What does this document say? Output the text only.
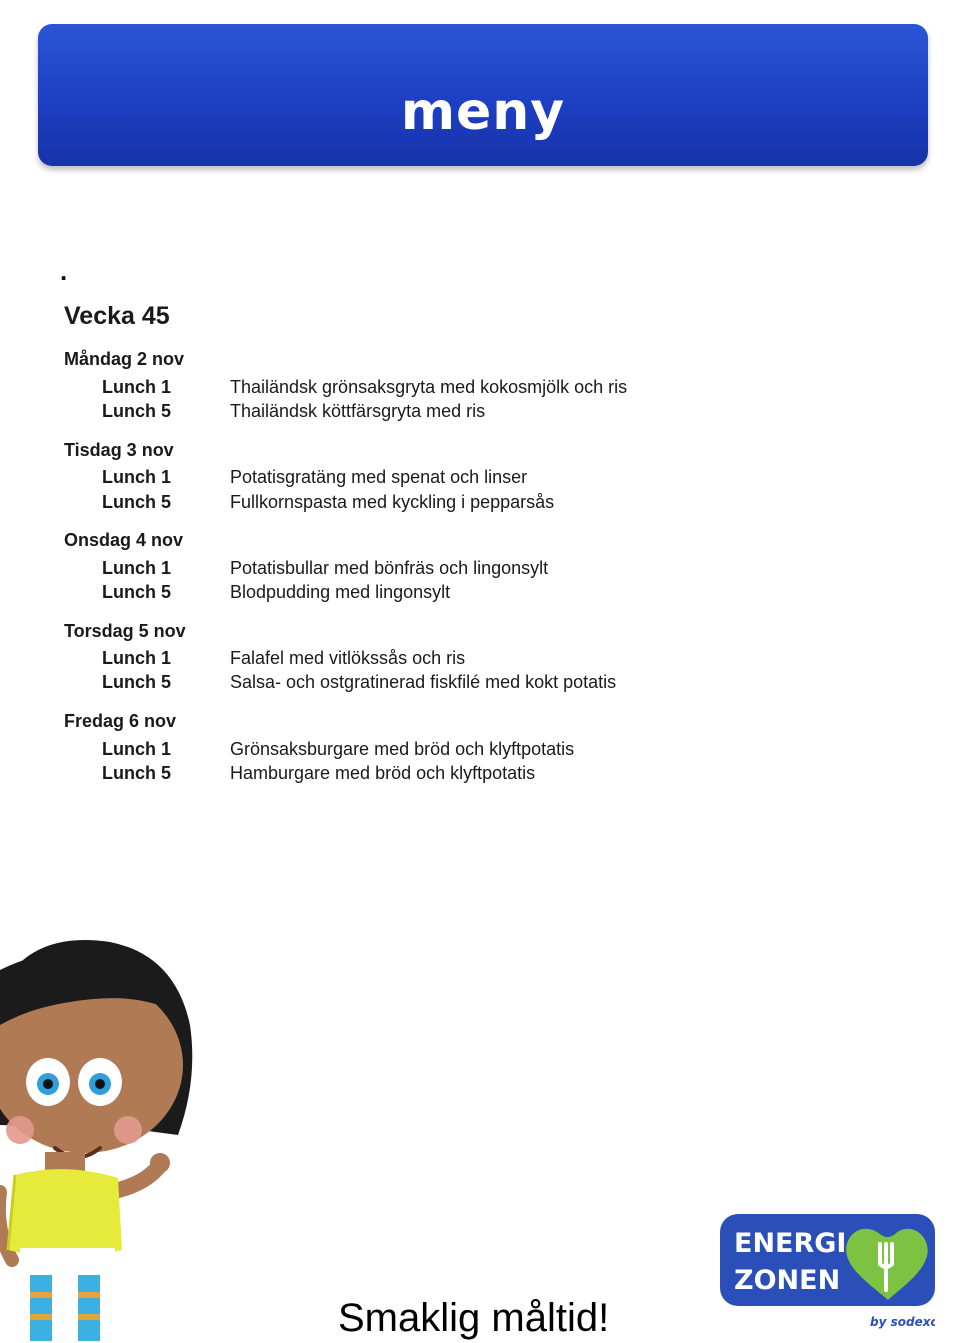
meny
.
Vecka 45
Måndag 2 nov
Lunch 1	Thailändsk grönsaksgryta med kokosmjölk och ris
Lunch 5	Thailändsk köttfärsgryta med ris
Tisdag 3 nov
Lunch 1	Potatisgratäng med spenat och linser
Lunch 5	Fullkornspasta med kyckling i pepparsås
Onsdag 4 nov
Lunch 1	Potatisbullar med bönfräs och lingonsylt
Lunch 5	Blodpudding med lingonsylt
Torsdag 5 nov
Lunch 1	Falafel med vitlökssås och ris
Lunch 5	Salsa- och ostgratinerad fiskfilé med kokt potatis
Fredag 6 nov
Lunch 1	Grönsaksburgare med bröd och klyftpotatis
Lunch 5	Hamburgare med bröd och klyftpotatis
ENERGI
ZONEN
by sodexo
Smaklig måltid!
